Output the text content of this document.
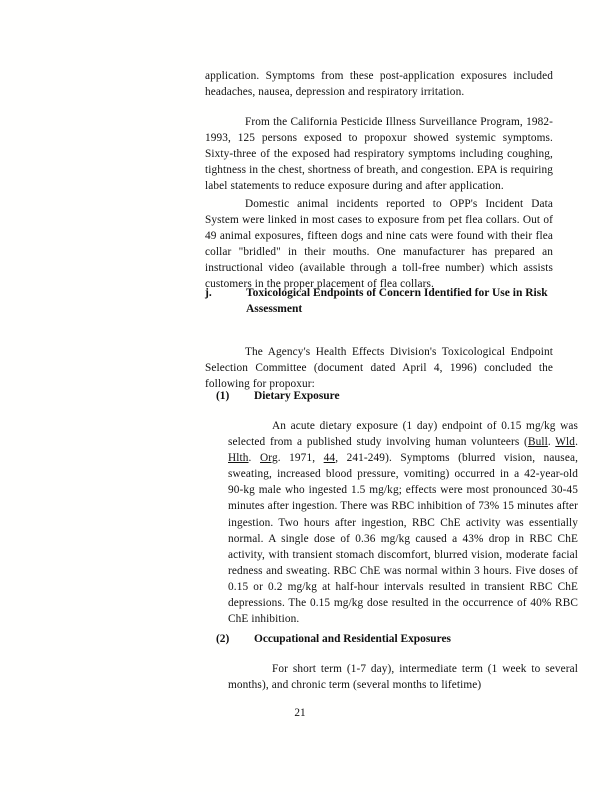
application. Symptoms from these post-application exposures included headaches, nausea, depression and respiratory irritation.

From the California Pesticide Illness Surveillance Program, 1982-1993, 125 persons exposed to propoxur showed systemic symptoms. Sixty-three of the exposed had respiratory symptoms including coughing, tightness in the chest, shortness of breath, and congestion. EPA is requiring label statements to reduce exposure during and after application.

Domestic animal incidents reported to OPP's Incident Data System were linked in most cases to exposure from pet flea collars. Out of 49 animal exposures, fifteen dogs and nine cats were found with their flea collar "bridled" in their mouths. One manufacturer has prepared an instructional video (available through a toll-free number) which assists customers in the proper placement of flea collars.

j.	Toxicological Endpoints of Concern Identified for Use in Risk Assessment

The Agency's Health Effects Division's Toxicological Endpoint Selection Committee (document dated April 4, 1996) concluded the following for propoxur:

(1) Dietary Exposure

An acute dietary exposure (1 day) endpoint of 0.15 mg/kg was selected from a published study involving human volunteers (Bull. Wld. Hlth. Org. 1971, 44, 241-249). Symptoms (blurred vision, nausea, sweating, increased blood pressure, vomiting) occurred in a 42-year-old 90-kg male who ingested 1.5 mg/kg; effects were most pronounced 30-45 minutes after ingestion. There was RBC inhibition of 73% 15 minutes after ingestion. Two hours after ingestion, RBC ChE activity was essentially normal. A single dose of 0.36 mg/kg caused a 43% drop in RBC ChE activity, with transient stomach discomfort, blurred vision, moderate facial redness and sweating. RBC ChE was normal within 3 hours. Five doses of 0.15 or 0.2 mg/kg at half-hour intervals resulted in transient RBC ChE depressions. The 0.15 mg/kg dose resulted in the occurrence of 40% RBC ChE inhibition.

(2) Occupational and Residential Exposures

For short term (1-7 day), intermediate term (1 week to several months), and chronic term (several months to lifetime)

21
